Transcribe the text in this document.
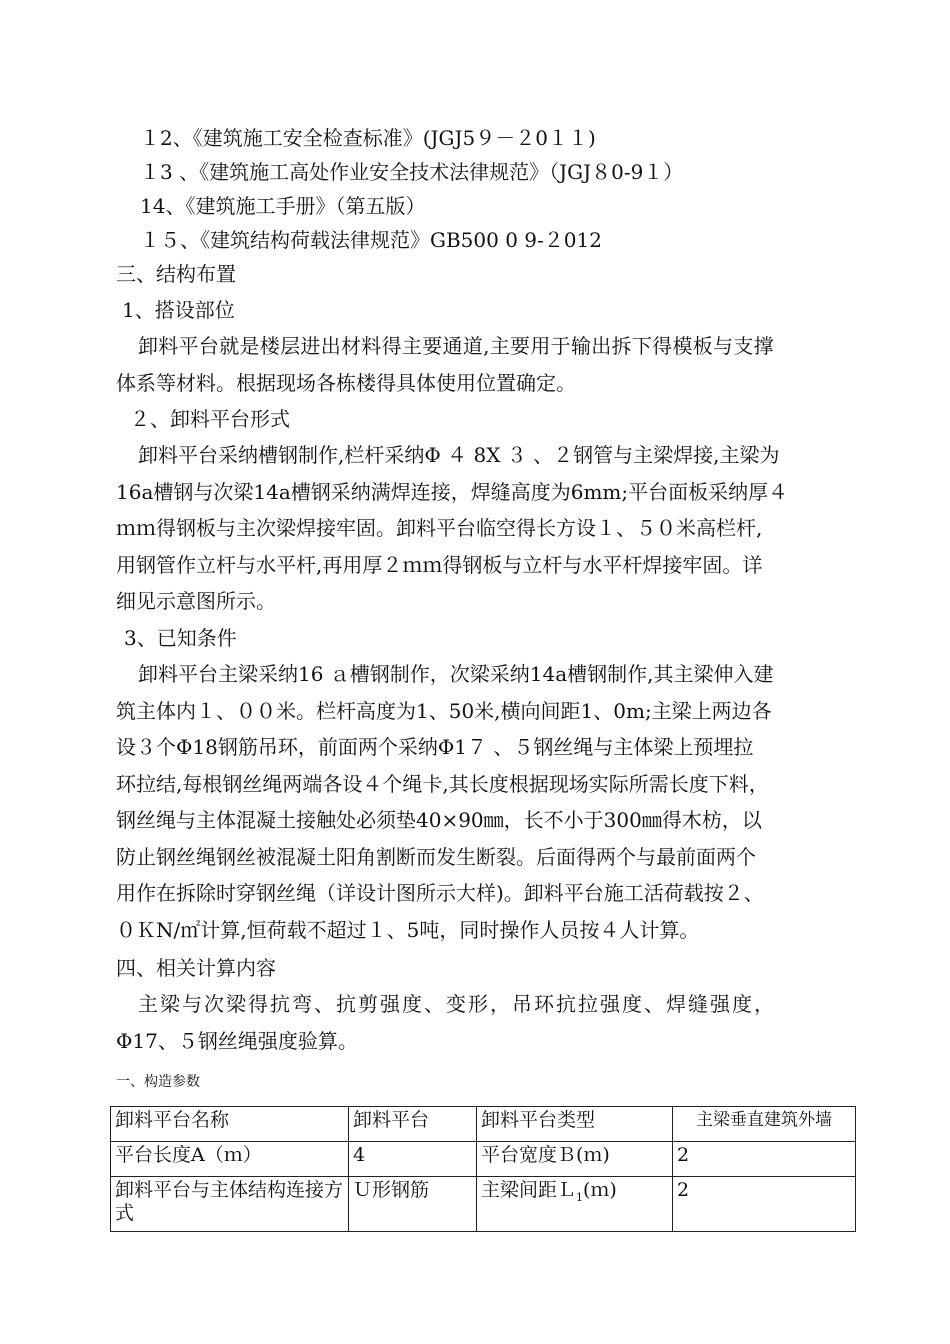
１2、《建筑施工安全检查标准》(JGJ5９－２0１１)
１3 、《建筑施工高处作业安全技术法律规范》（JGJ８0-9１）
14、《建筑施工手册》（第五版）
１５、《建筑结构荷载法律规范》GB500 0 9-２012
三、结构布置
1、搭设部位
卸料平台就是楼层进出材料得主要通道,主要用于输出拆下得模板与支撑
体系等材料。根据现场各栋楼得具体使用位置确定。
２、卸料平台形式
卸料平台采纳槽钢制作,栏杆采纳Φ ４ 8X ３ 、２钢管与主梁焊接,主梁为
16a槽钢与次梁14a槽钢采纳满焊连接，焊缝高度为6mm;平台面板采纳厚４
ｍｍ得钢板与主次梁焊接牢固。卸料平台临空得长方设１、５０米高栏杆,
用钢管作立杆与水平杆,再用厚２ｍｍ得钢板与立杆与水平杆焊接牢固。详
细见示意图所示。
3、已知条件
卸料平台主梁采纳16 ａ槽钢制作，次梁采纳14a槽钢制作,其主梁伸入建
筑主体内１、００米。栏杆高度为1、50米,横向间距1、0m;主梁上两边各
设３个Φ18钢筋吊环，前面两个采纳Φ1７ 、５钢丝绳与主体梁上预埋拉
环拉结,每根钢丝绳两端各设４个绳卡,其长度根据现场实际所需长度下料，
钢丝绳与主体混凝土接触处必须垫40×90㎜，长不小于300㎜得木枋，以
防止钢丝绳钢丝被混凝土阳角割断而发生断裂。后面得两个与最前面两个
用作在拆除时穿钢丝绳（详设计图所示大样)。卸料平台施工活荷载按２、
０ＫN/㎡计算,恒荷载不超过１、5吨，同时操作人员按４人计算。
四、相关计算内容
主梁与次梁得抗弯、抗剪强度、变形，吊环抗拉强度、焊缝强度，
Φ17、５钢丝绳强度验算。
一、构造参数
卸料平台名称	卸料平台	卸料平台类型	主梁垂直建筑外墙
平台长度A（ｍ）	4	平台宽度Ｂ(ｍ)	2
卸料平台与主体结构连接方式	Ｕ形钢筋	主梁间距Ｌ$_1$(ｍ)	2
